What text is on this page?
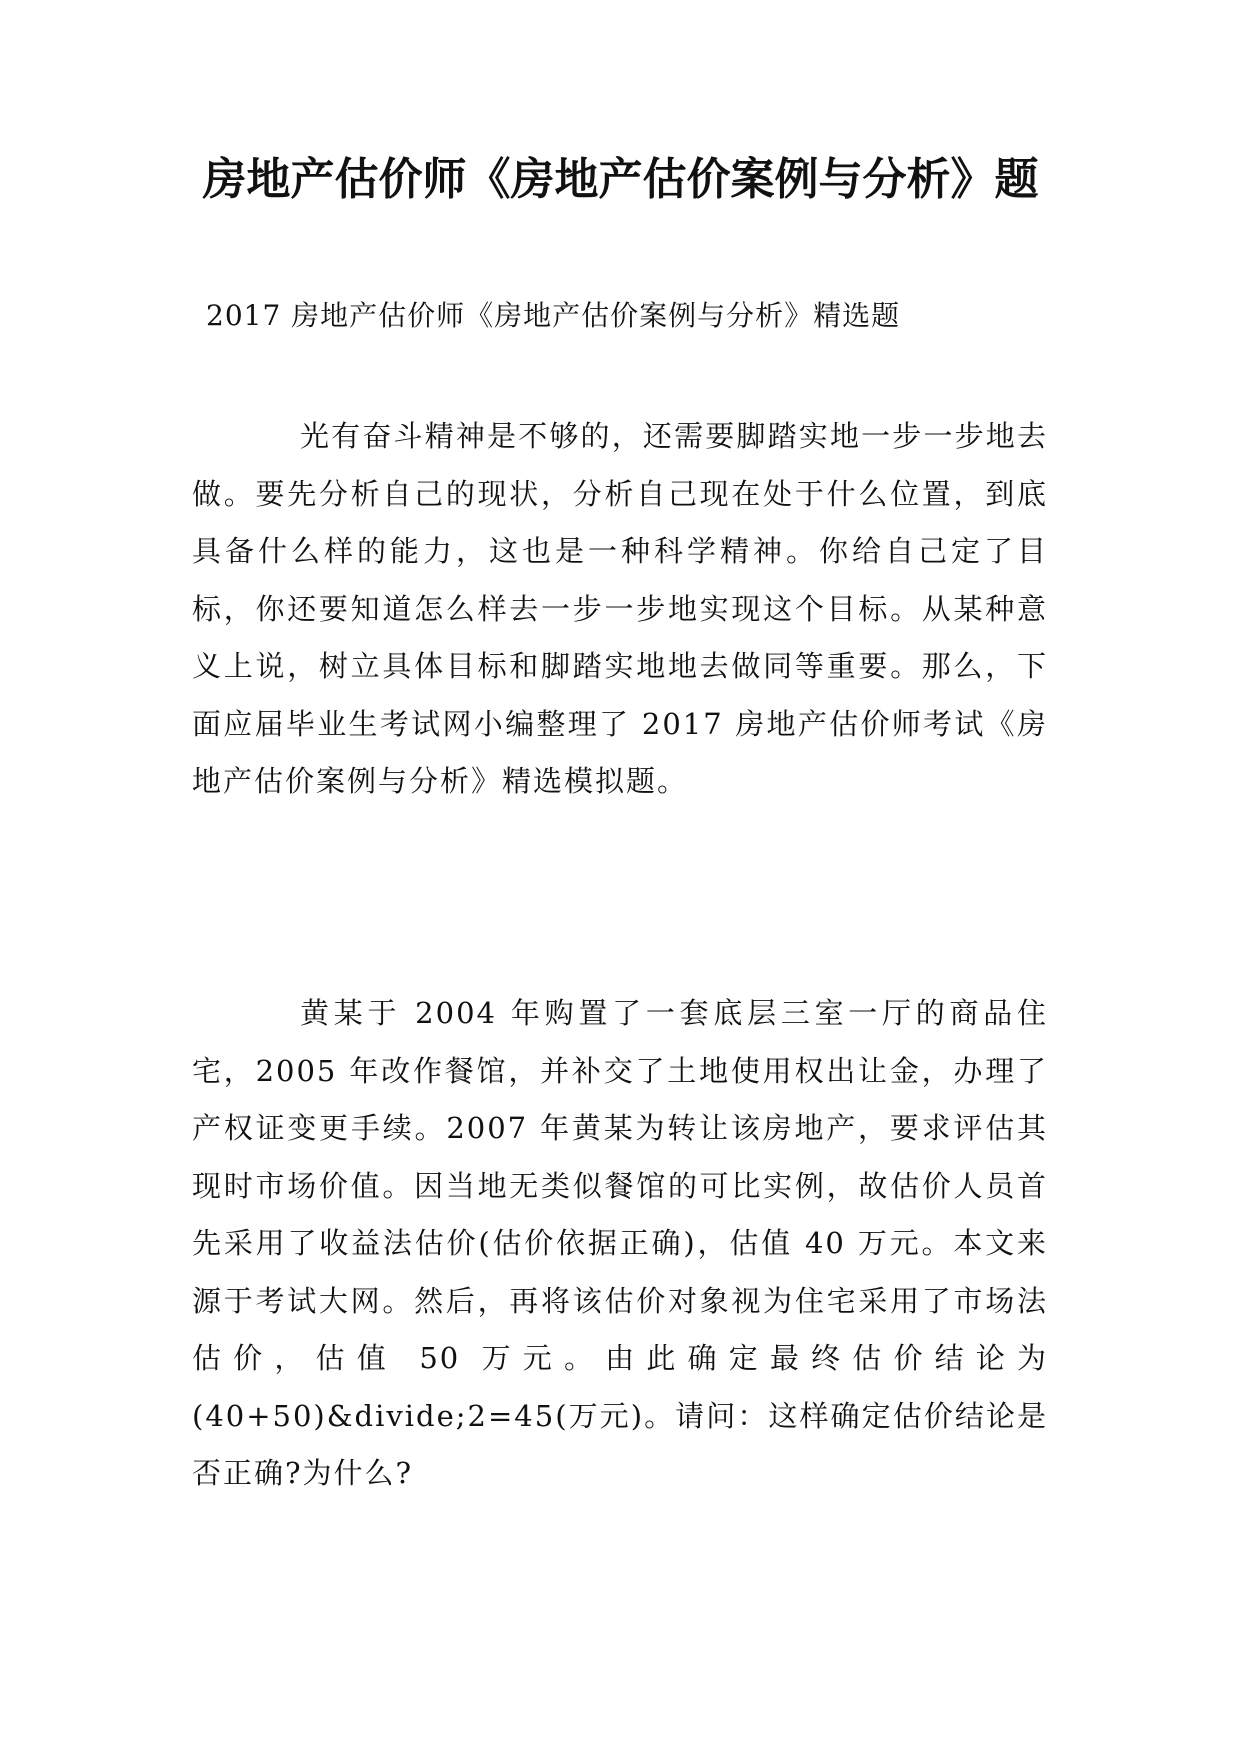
房地产估价师《房地产估价案例与分析》题

2017 房地产估价师《房地产估价案例与分析》精选题

光有奋斗精神是不够的，还需要脚踏实地一步一步地去做。要先分析自己的现状，分析自己现在处于什么位置，到底具备什么样的能力，这也是一种科学精神。你给自己定了目标，你还要知道怎么样去一步一步地实现这个目标。从某种意义上说，树立具体目标和脚踏实地地去做同等重要。那么，下面应届毕业生考试网小编整理了 2017 房地产估价师考试《房地产估价案例与分析》精选模拟题。

黄某于 2004 年购置了一套底层三室一厅的商品住宅，2005 年改作餐馆，并补交了土地使用权出让金，办理了产权证变更手续。2007 年黄某为转让该房地产，要求评估其现时市场价值。因当地无类似餐馆的可比实例，故估价人员首先采用了收益法估价(估价依据正确)，估值 40 万元。本文来源于考试大网。然后，再将该估价对象视为住宅采用了市场法估价，估值 50 万元。由此确定最终估价结论为(40+50)&divide;2=45(万元)。请问：这样确定估价结论是否正确?为什么?
